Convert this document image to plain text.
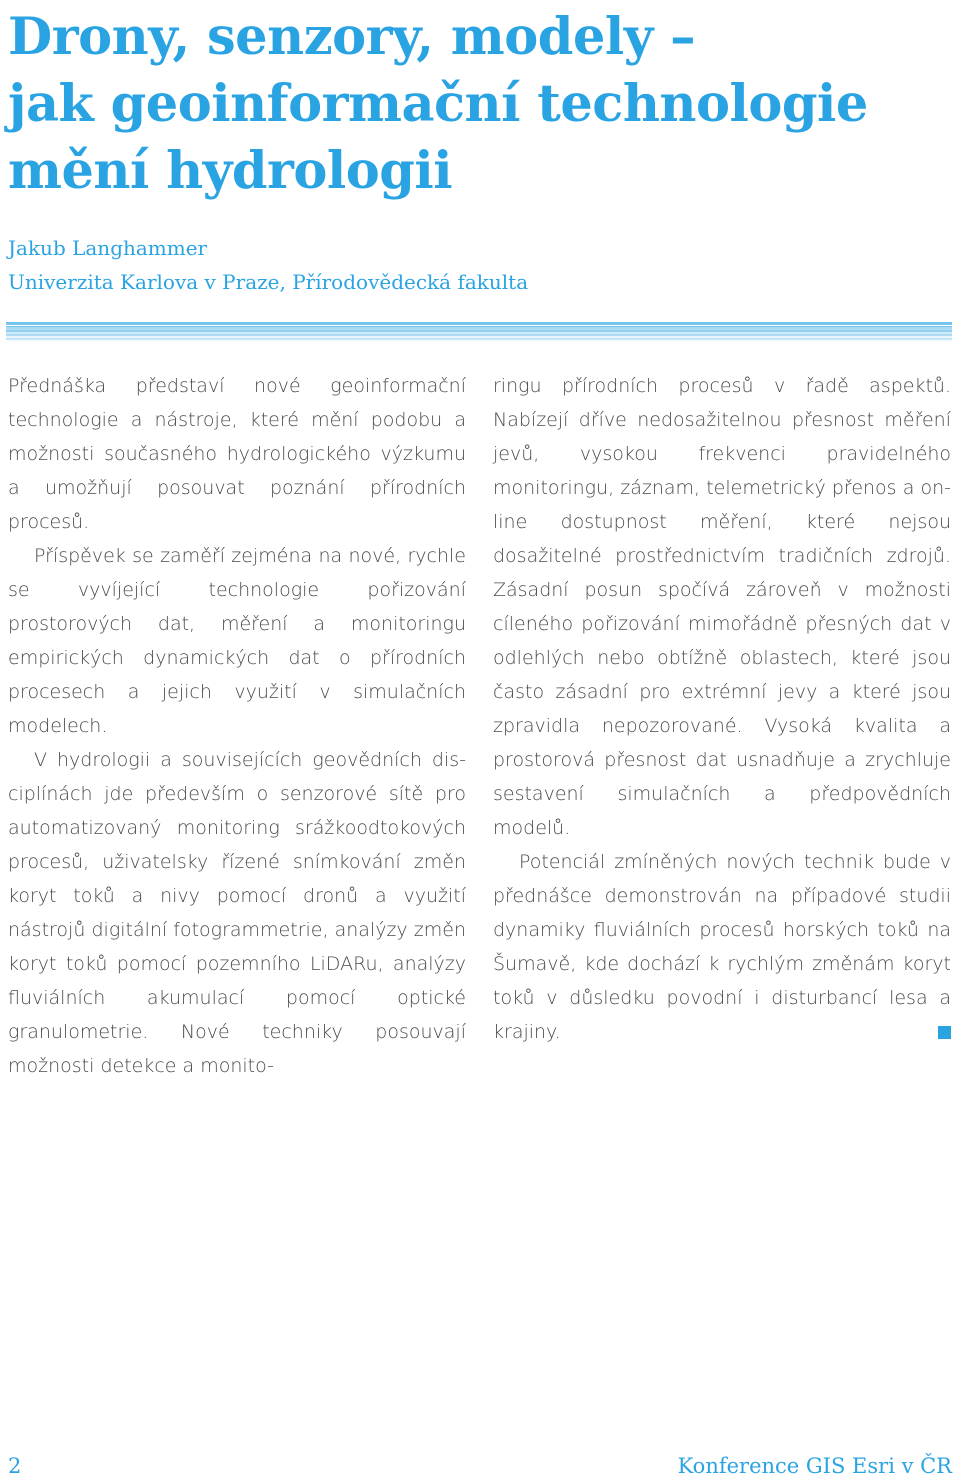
Drony, senzory, modely –
jak geoinformační technologie
mění hydrologii
Jakub Langhammer
Univerzita Karlova v Praze, Přírodovědecká fakulta

Přednáška představí nové geoinformační technologie a nástroje, které mění podobu a možnosti současného hydrologického výzkumu a umožňují posouvat poznání přírodních procesů.

Příspěvek se zaměří zejména na nové, rychle se vyvíjející technologie pořizování prostorových dat, měření a monitoringu empirických dynamických dat o přírodních procesech a jejich využití v simulačních modelech.

V hydrologii a souvisejících geovědních disciplínách jde především o senzorové sítě pro automatizovaný monitoring srážkoodtokových procesů, uživatelsky řízené snímkování změn koryt toků a nivy pomocí dronů a využití nástrojů digitální fotogrammetrie, analýzy změn koryt toků pomocí pozemního LiDARu, analýzy fluviálních akumulací pomocí optické granulometrie. Nové techniky posouvají možnosti detekce a monito-

ringu přírodních procesů v řadě aspektů. Nabízejí dříve nedosažitelnou přesnost měření jevů, vysokou frekvenci pravidelného monitoringu, záznam, telemetrický přenos a on-line dostupnost měření, které nejsou dosažitelné prostřednictvím tradičních zdrojů. Zásadní posun spočívá zároveň v možnosti cíleného pořizování mimořádně přesných dat v odlehlých nebo obtížně oblastech, které jsou často zásadní pro extrémní jevy a které jsou zpravidla nepozorované. Vysoká kvalita a prostorová přesnost dat usnadňuje a zrychluje sestavení simulačních a předpovědních modelů.

Potenciál zmíněných nových technik bude v přednášce demonstrován na případové studii dynamiky fluviálních procesů horských toků na Šumavě, kde dochází k rychlým změnám koryt toků v důsledku povodní i disturbancí lesa a krajiny.

2	Konference GIS Esri v ČR
